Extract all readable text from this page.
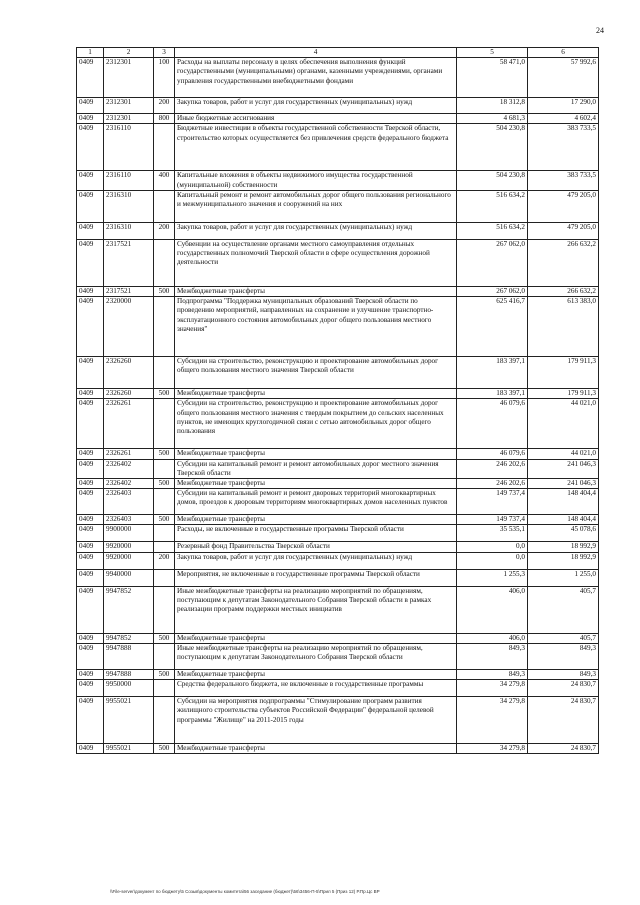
24
1	2	3	4	5	6
0409	2312301	100	Расходы на выплаты персоналу в целях обеспечения выполнения функций государственными (муниципальными) органами, казенными учреждениями, органами управления государственными внебюджетными фондами	58 471,0	57 992,6
0409	2312301	200	Закупка товаров, работ и услуг для государственных (муниципальных) нужд	18 312,8	17 290,0
0409	2312301	800	Иные бюджетные ассигнования	4 681,3	4 602,4
0409	2316110		Бюджетные инвестиции в объекты государственной собственности Тверской области, строительство которых осуществляется без привлечения средств федерального бюджета	504 230,8	383 733,5
0409	2316110	400	Капитальные вложения в объекты недвижимого имущества государственной (муниципальной) собственности	504 230,8	383 733,5
0409	2316310		Капитальный ремонт и ремонт автомобильных дорог общего пользования регионального и межмуниципального значения и сооружений на них	516 634,2	479 205,0
0409	2316310	200	Закупка товаров, работ и услуг для государственных (муниципальных) нужд	516 634,2	479 205,0
0409	2317521		Субвенции на осуществление органами местного самоуправления отдельных государственных полномочий Тверской области в сфере осуществления дорожной деятельности	267 062,0	266 632,2
0409	2317521	500	Межбюджетные трансферты	267 062,0	266 632,2
0409	2320000		Подпрограмма "Поддержка муниципальных образований Тверской области по проведению мероприятий, направленных на сохранение и улучшение транспортно-эксплуатационного состояния автомобильных дорог общего пользования местного значения"	625 416,7	613 383,0
0409	2326260		Субсидии на строительство, реконструкцию и проектирование автомобильных дорог общего пользования местного значения Тверской области	183 397,1	179 911,3
0409	2326260	500	Межбюджетные трансферты	183 397,1	179 911,3
0409	2326261		Субсидии на строительство, реконструкцию и проектирование автомобильных дорог общего пользования местного значения с твердым покрытием до сельских населенных пунктов, не имеющих круглогодичной связи с сетью автомобильных дорог общего пользования	46 079,6	44 021,0
0409	2326261	500	Межбюджетные трансферты	46 079,6	44 021,0
0409	2326402		Субсидии на капитальный ремонт и ремонт автомобильных дорог местного значения Тверской области	246 202,6	241 046,3
0409	2326402	500	Межбюджетные трансферты	246 202,6	241 046,3
0409	2326403		Субсидии на капитальный ремонт и ремонт дворовых территорий многоквартирных домов, проездов к дворовым территориям многоквартирных домов населенных пунктов	149 737,4	148 404,4
0409	2326403	500	Межбюджетные трансферты	149 737,4	148 404,4
0409	9900000		Расходы, не включенные в государственные программы Тверской области	35 535,1	45 078,6
0409	9920000		Резервный фонд Правительства Тверской области	0,0	18 992,9
0409	9920000	200	Закупка товаров, работ и услуг для государственных (муниципальных) нужд	0,0	18 992,9
0409	9940000		Мероприятия, не включенные в государственные программы Тверской области	1 255,3	1 255,0
0409	9947852		Иные межбюджетные трансферты на реализацию мероприятий по обращениям, поступающим к депутатам Законодательного Собрания Тверской области в рамках реализации программ поддержки местных инициатив	406,0	405,7
0409	9947852	500	Межбюджетные трансферты	406,0	405,7
0409	9947888		Иные межбюджетные трансферты на реализацию мероприятий по обращениям, поступающим к депутатам Законодательного Собрания Тверской области	849,3	849,3
0409	9947888	500	Межбюджетные трансферты	849,3	849,3
0409	9950000		Средства федерального бюджета, не включенные в государственные программы	34 279,8	24 830,7
0409	9955021		Субсидии на мероприятия подпрограммы "Стимулирование программ развития жилищного строительства субъектов Российской Федерации" федеральной целевой программы "Жилище" на 2011-2015 годы	34 279,8	24 830,7
0409	9955021	500	Межбюджетные трансферты	34 279,8	24 830,7
\\File-server\документ по бюджету\5 Созыв\документы комитета\56 заседание (бюджет)\56\3456-П-5\Прил 5 (Приз 12) Р.Пр.Цс ВР
